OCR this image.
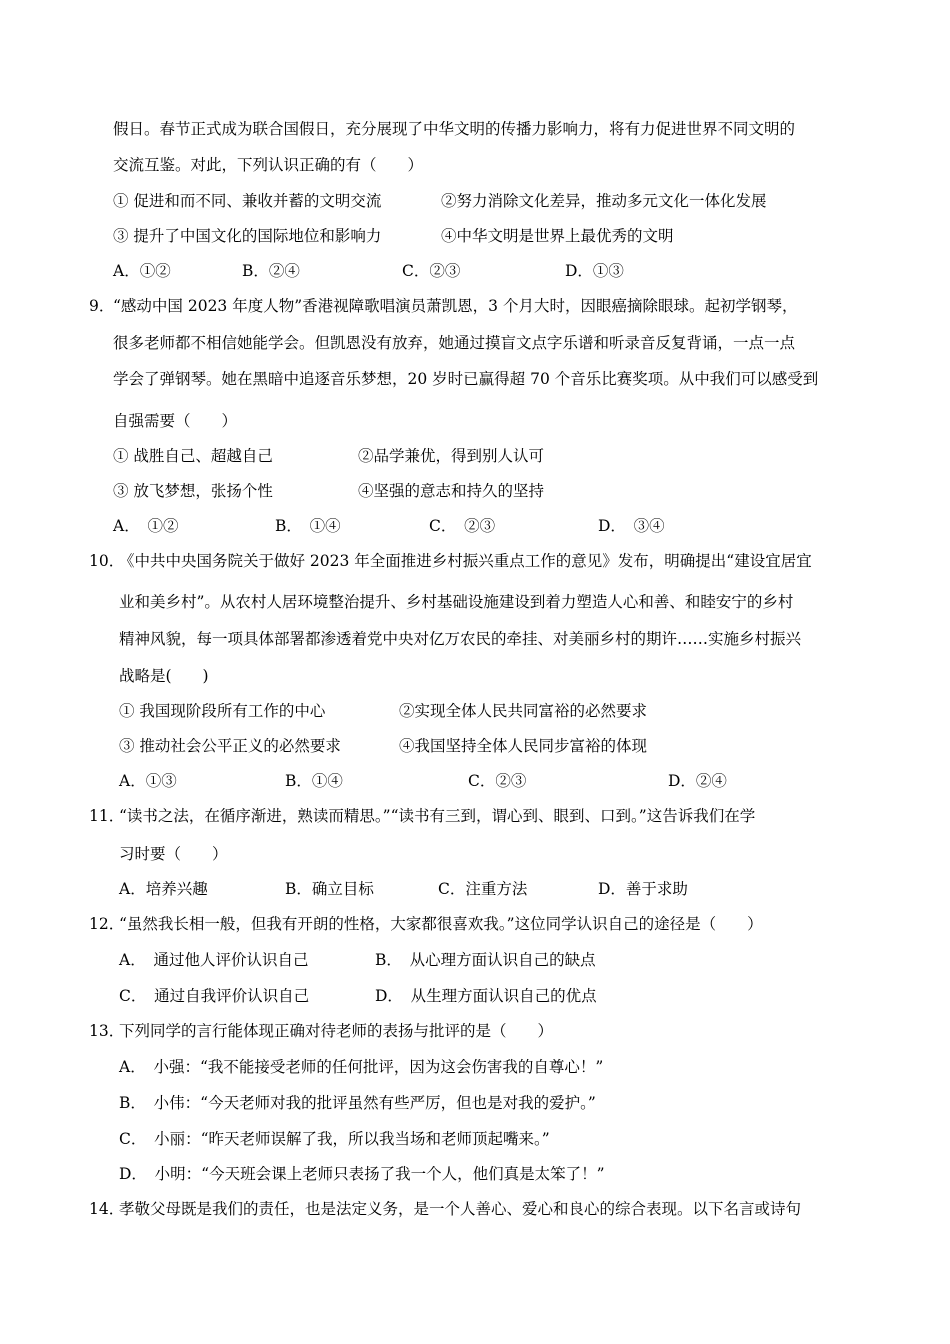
假日。春节正式成为联合国假日，充分展现了中华文明的传播力影响力，将有力促进世界不同文明的
交流互鉴。对此，下列认识正确的有（　　）
① 促进和而不同、兼收并蓄的文明交流	②努力消除文化差异，推动多元文化一体化发展
③ 提升了中国文化的国际地位和影响力	④中华文明是世界上最优秀的文明
A．①②	B．②④	C．②③	D．①③
9．
“感动中国 2023 年度人物”香港视障歌唱演员萧凯恩，3 个月大时，因眼癌摘除眼球。起初学钢琴，
很多老师都不相信她能学会。但凯恩没有放弃，她通过摸盲文点字乐谱和听录音反复背诵，一点一点
学会了弹钢琴。她在黑暗中追逐音乐梦想，20 岁时已赢得超 70 个音乐比赛奖项。从中我们可以感受到
自强需要（　　）
① 战胜自己、超越自己	②品学兼优，得到别人认可
③ 放飞梦想，张扬个性	④坚强的意志和持久的坚持
A．　①②	B．　①④	C．　②③	D．　③④
10．
《中共中央国务院关于做好 2023 年全面推进乡村振兴重点工作的意见》发布，明确提出“建设宜居宜
业和美乡村”。从农村人居环境整治提升、乡村基础设施建设到着力塑造人心和善、和睦安宁的乡村
精神风貌，每一项具体部署都渗透着党中央对亿万农民的牵挂、对美丽乡村的期许……实施乡村振兴
战略是(　　)
① 我国现阶段所有工作的中心	②实现全体人民共同富裕的必然要求
③ 推动社会公平正义的必然要求	④我国坚持全体人民同步富裕的体现
A．①③	B．①④	C．②③	D．②④
11．
“读书之法，在循序渐进，熟读而精思。”“读书有三到，谓心到、眼到、口到。”这告诉我们在学
习时要（　　）
A．培养兴趣	B．确立目标	C．注重方法	D．善于求助
12．
“虽然我长相一般，但我有开朗的性格，大家都很喜欢我。”这位同学认识自己的途径是（　　）
A．　通过他人评价认识自己	B．　从心理方面认识自己的缺点
C．　通过自我评价认识自己	D．　从生理方面认识自己的优点
13．
下列同学的言行能体现正确对待老师的表扬与批评的是（　　）
A．　小强：“我不能接受老师的任何批评，因为这会伤害我的自尊心！”
B．　小伟：“今天老师对我的批评虽然有些严厉，但也是对我的爱护。”
C．　小丽：“昨天老师误解了我，所以我当场和老师顶起嘴来。”
D．　小明：“今天班会课上老师只表扬了我一个人，他们真是太笨了！”
14．
孝敬父母既是我们的责任，也是法定义务，是一个人善心、爱心和良心的综合表现。以下名言或诗句
